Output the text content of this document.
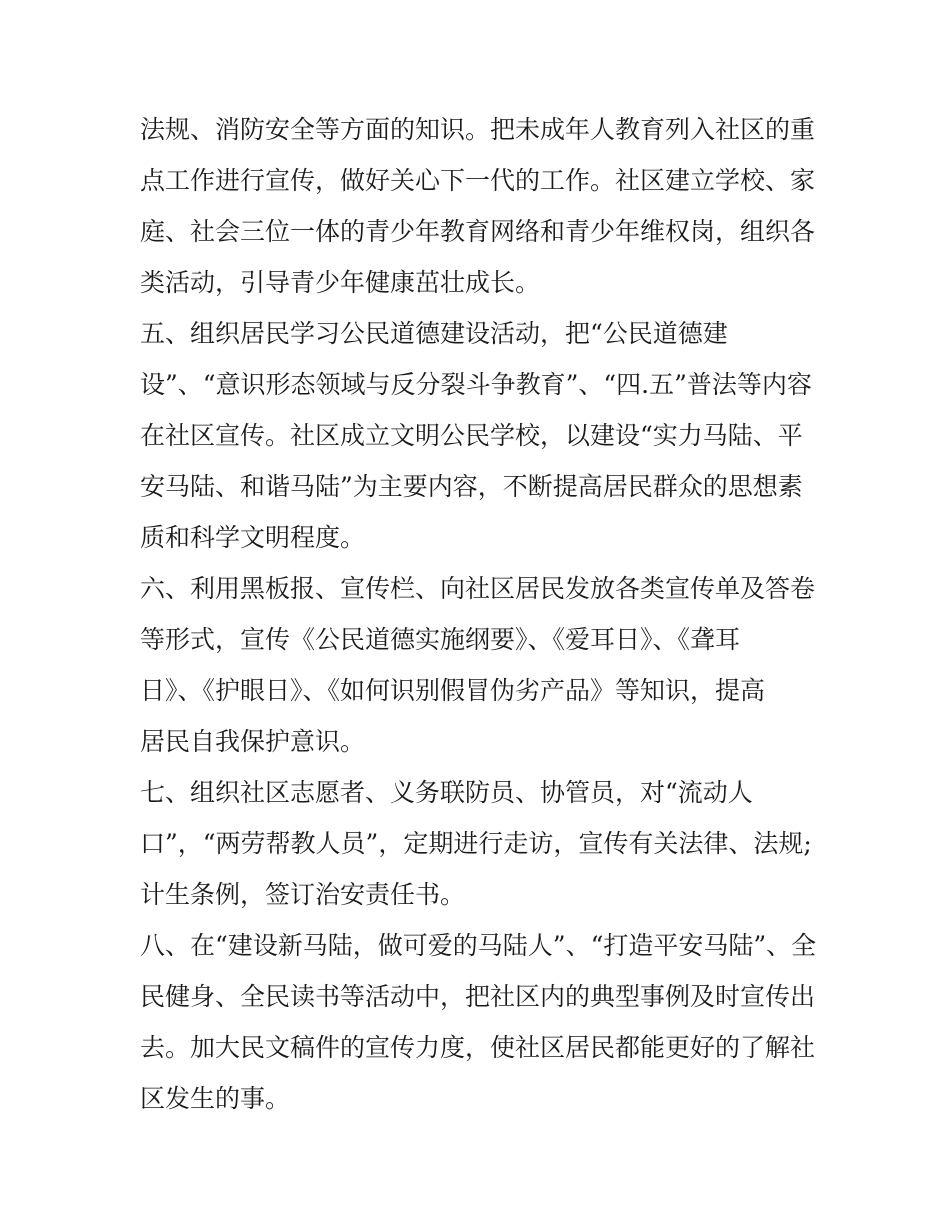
法规、消防安全等方面的知识。把未成年人教育列入社区的重
点工作进行宣传，做好关心下一代的工作。社区建立学校、家
庭、社会三位一体的青少年教育网络和青少年维权岗，组织各
类活动，引导青少年健康茁壮成长。
五、组织居民学习公民道德建设活动，把“公民道德建
设”、“意识形态领域与反分裂斗争教育”、“四.五”普法等内容
在社区宣传。社区成立文明公民学校，以建设“实力马陆、平
安马陆、和谐马陆”为主要内容，不断提高居民群众的思想素
质和科学文明程度。
六、利用黑板报、宣传栏、向社区居民发放各类宣传单及答卷
等形式，宣传《公民道德实施纲要》、《爱耳日》、《聋耳
日》、《护眼日》、《如何识别假冒伪劣产品》等知识，提高
居民自我保护意识。
七、组织社区志愿者、义务联防员、协管员，对“流动人
口”，“两劳帮教人员”，定期进行走访，宣传有关法律、法规;
计生条例，签订治安责任书。
八、在“建设新马陆，做可爱的马陆人”、“打造平安马陆”、全
民健身、全民读书等活动中，把社区内的典型事例及时宣传出
去。加大民文稿件的宣传力度，使社区居民都能更好的了解社
区发生的事。
